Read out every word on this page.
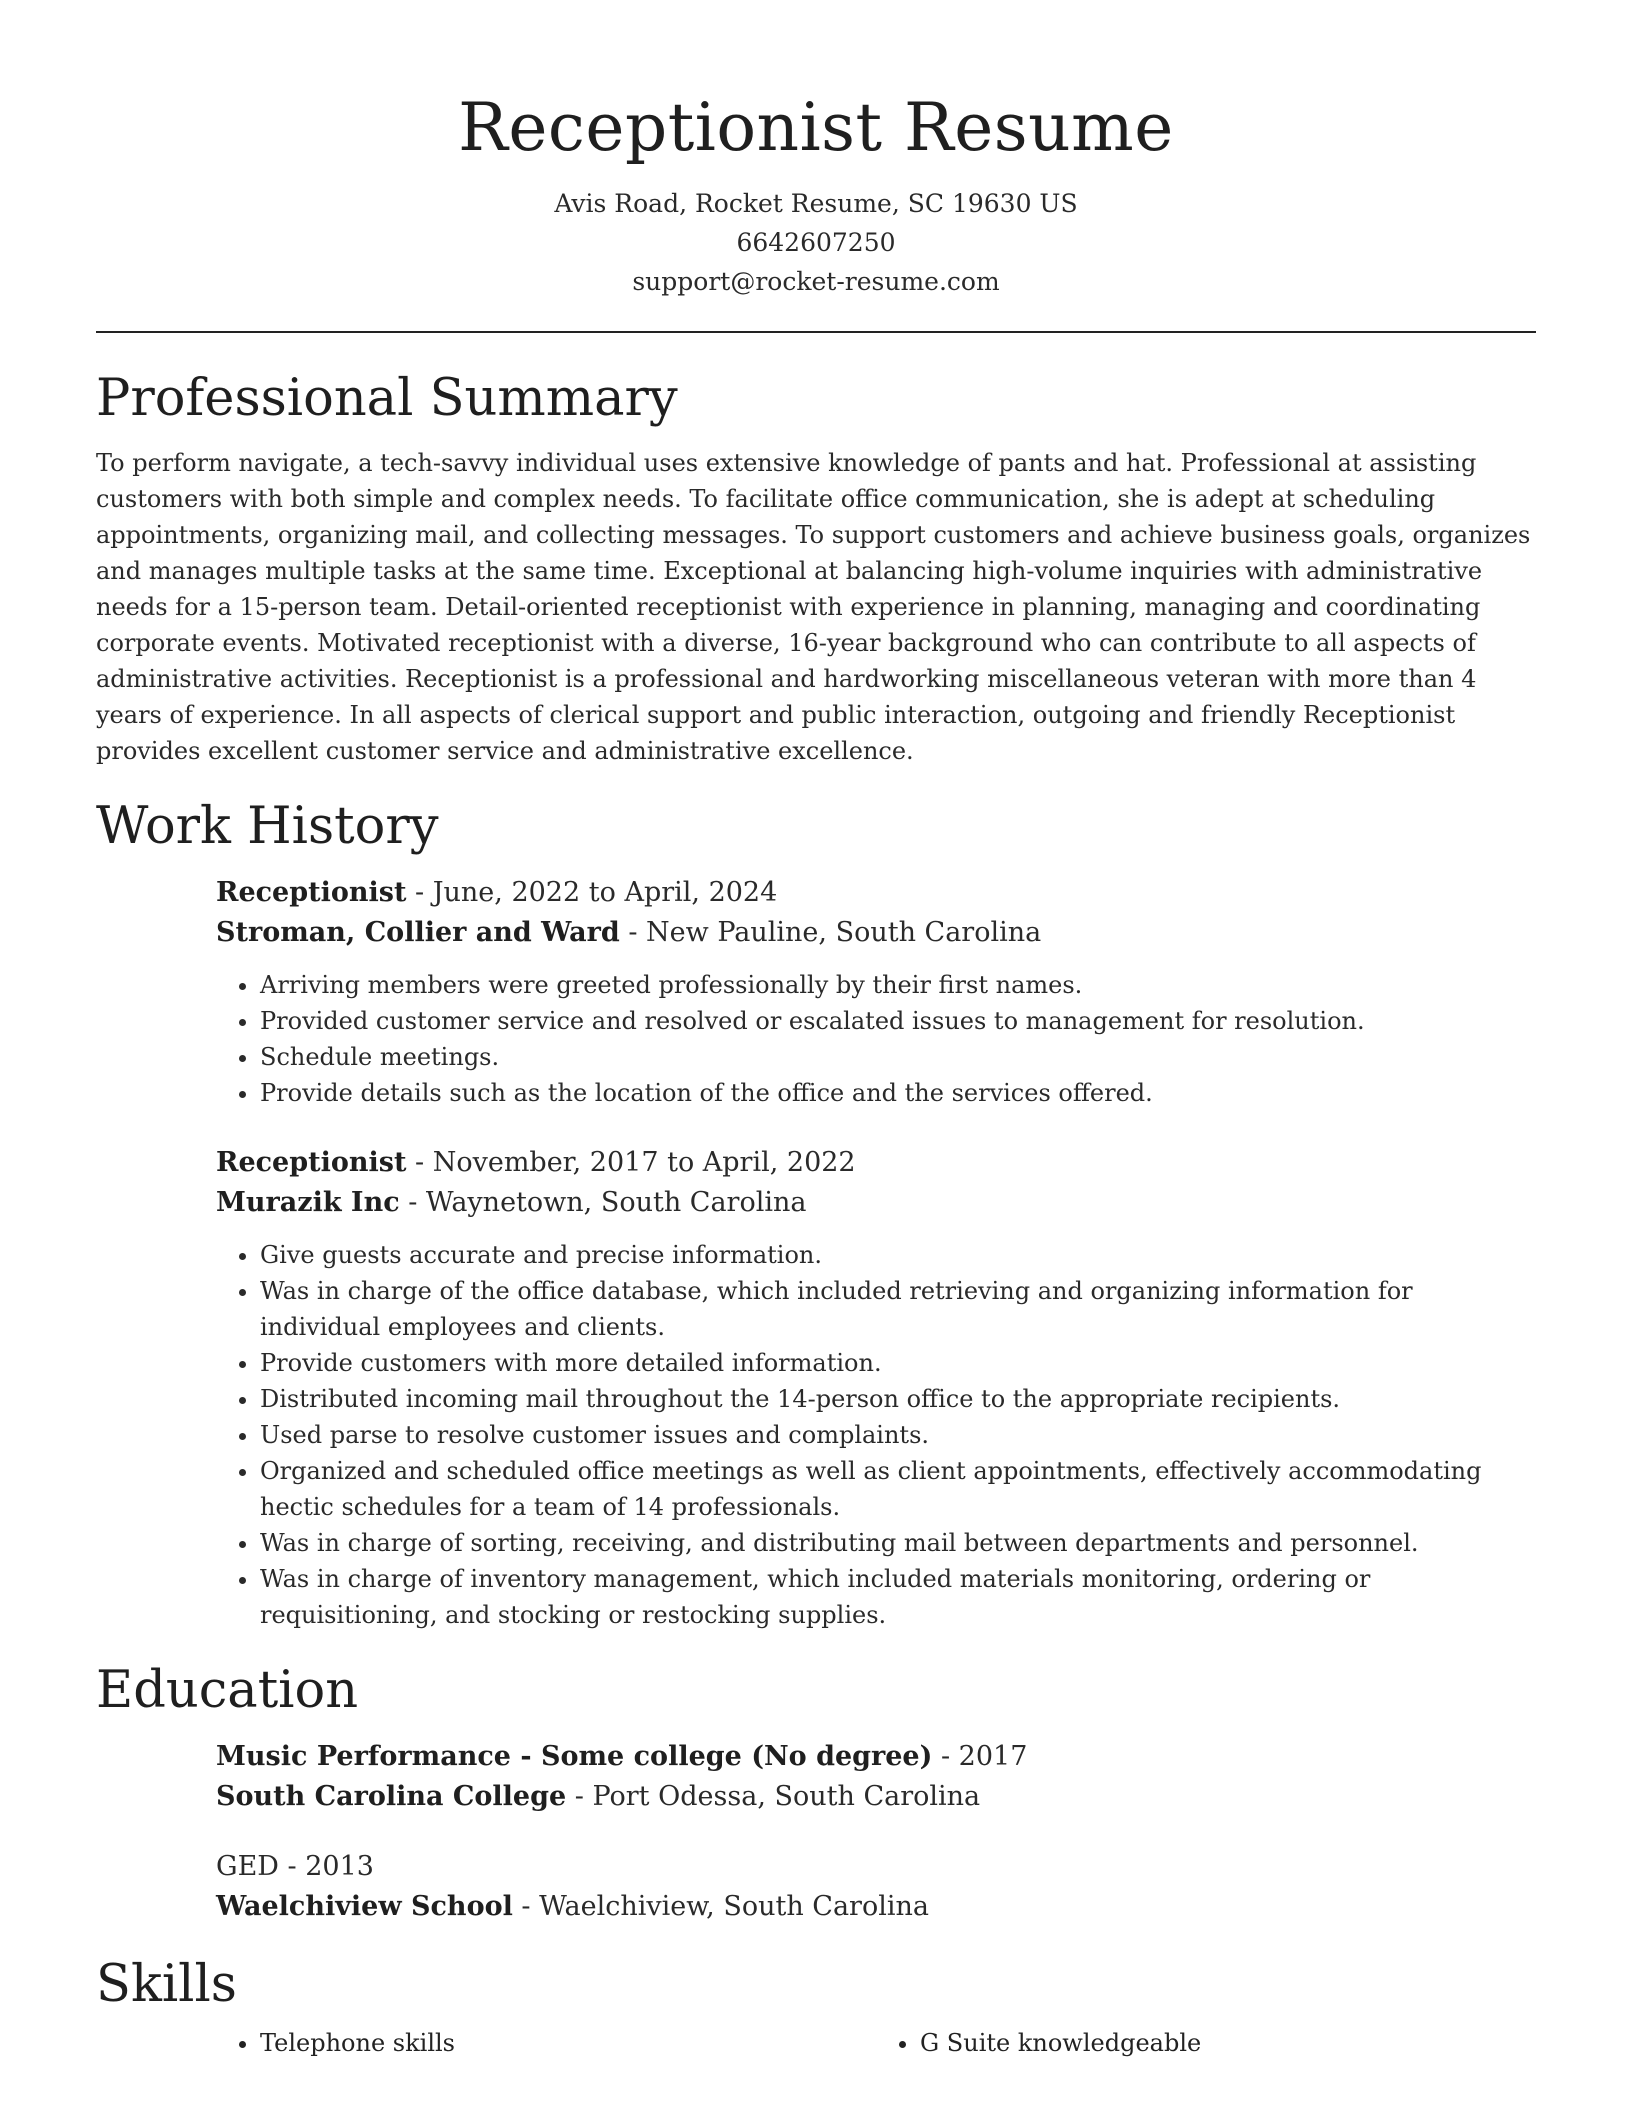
Receptionist Resume
Avis Road, Rocket Resume, SC 19630 US
6642607250
support@rocket-resume.com
Professional Summary

To perform navigate, a tech-savvy individual uses extensive knowledge of pants and hat. Professional at assisting customers with both simple and complex needs. To facilitate office communication, she is adept at scheduling appointments, organizing mail, and collecting messages. To support customers and achieve business goals, organizes and manages multiple tasks at the same time. Exceptional at balancing high-volume inquiries with administrative needs for a 15-person team. Detail-oriented receptionist with experience in planning, managing and coordinating corporate events. Motivated receptionist with a diverse, 16-year background who can contribute to all aspects of administrative activities. Receptionist is a professional and hardworking miscellaneous veteran with more than 4 years of experience. In all aspects of clerical support and public interaction, outgoing and friendly Receptionist provides excellent customer service and administrative excellence.

Work History
Receptionist - June, 2022 to April, 2024
Stroman, Collier and Ward - New Pauline, South Carolina
• Arriving members were greeted professionally by their first names.
• Provided customer service and resolved or escalated issues to management for resolution.
• Schedule meetings.
• Provide details such as the location of the office and the services offered.
Receptionist - November, 2017 to April, 2022
Murazik Inc - Waynetown, South Carolina
• Give guests accurate and precise information.
• Was in charge of the office database, which included retrieving and organizing information for individual employees and clients.
• Provide customers with more detailed information.
• Distributed incoming mail throughout the 14-person office to the appropriate recipients.
• Used parse to resolve customer issues and complaints.
• Organized and scheduled office meetings as well as client appointments, effectively accommodating hectic schedules for a team of 14 professionals.
• Was in charge of sorting, receiving, and distributing mail between departments and personnel.
• Was in charge of inventory management, which included materials monitoring, ordering or requisitioning, and stocking or restocking supplies.
Education
Music Performance - Some college (No degree) - 2017
South Carolina College - Port Odessa, South Carolina
GED - 2013
Waelchiview School - Waelchiview, South Carolina
Skills
• Telephone skills
•	G Suite knowledgeable
